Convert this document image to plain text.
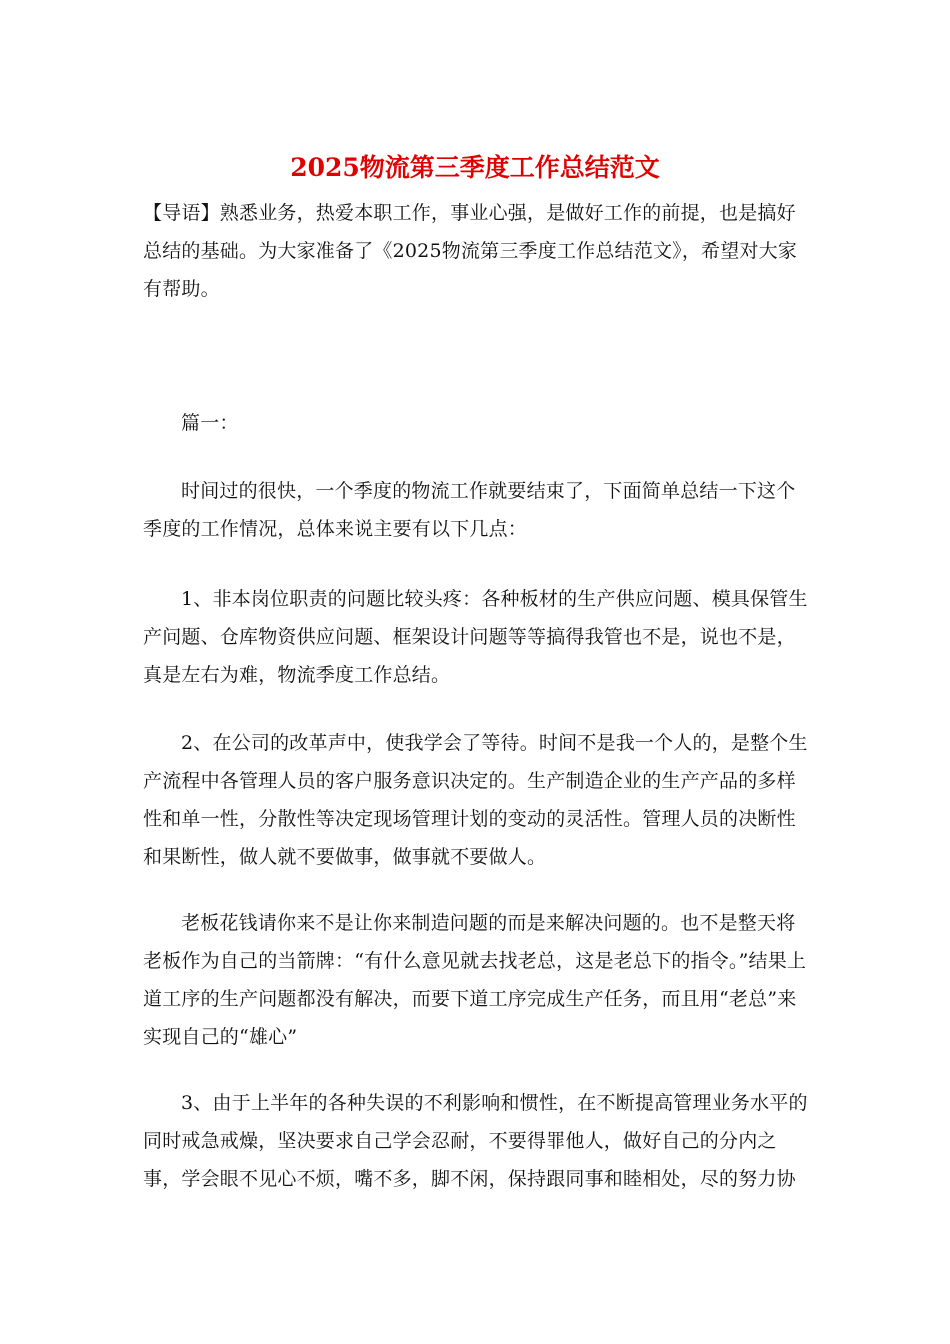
2025物流第三季度工作总结范文

【导语】熟悉业务，热爱本职工作，事业心强，是做好工作的前提，也是搞好总结的基础。为大家准备了《2025物流第三季度工作总结范文》，希望对大家有帮助。

篇一：

时间过的很快，一个季度的物流工作就要结束了，下面简单总结一下这个季度的工作情况，总体来说主要有以下几点：

1、非本岗位职责的问题比较头疼：各种板材的生产供应问题、模具保管生产问题、仓库物资供应问题、框架设计问题等等搞得我管也不是，说也不是，真是左右为难，物流季度工作总结。

2、在公司的改革声中，使我学会了等待。时间不是我一个人的，是整个生产流程中各管理人员的客户服务意识决定的。生产制造企业的生产产品的多样性和单一性，分散性等决定现场管理计划的变动的灵活性。管理人员的决断性和果断性，做人就不要做事，做事就不要做人。

老板花钱请你来不是让你来制造问题的而是来解决问题的。也不是整天将老板作为自己的当箭牌：“有什么意见就去找老总，这是老总下的指令。”结果上道工序的生产问题都没有解决，而要下道工序完成生产任务，而且用“老总”来实现自己的“雄心”

3、由于上半年的各种失误的不利影响和惯性，在不断提高管理业务水平的同时戒急戒燥，坚决要求自己学会忍耐，不要得罪他人，做好自己的分内之事，学会眼不见心不烦，嘴不多，脚不闲，保持跟同事和睦相处，尽的努力协
